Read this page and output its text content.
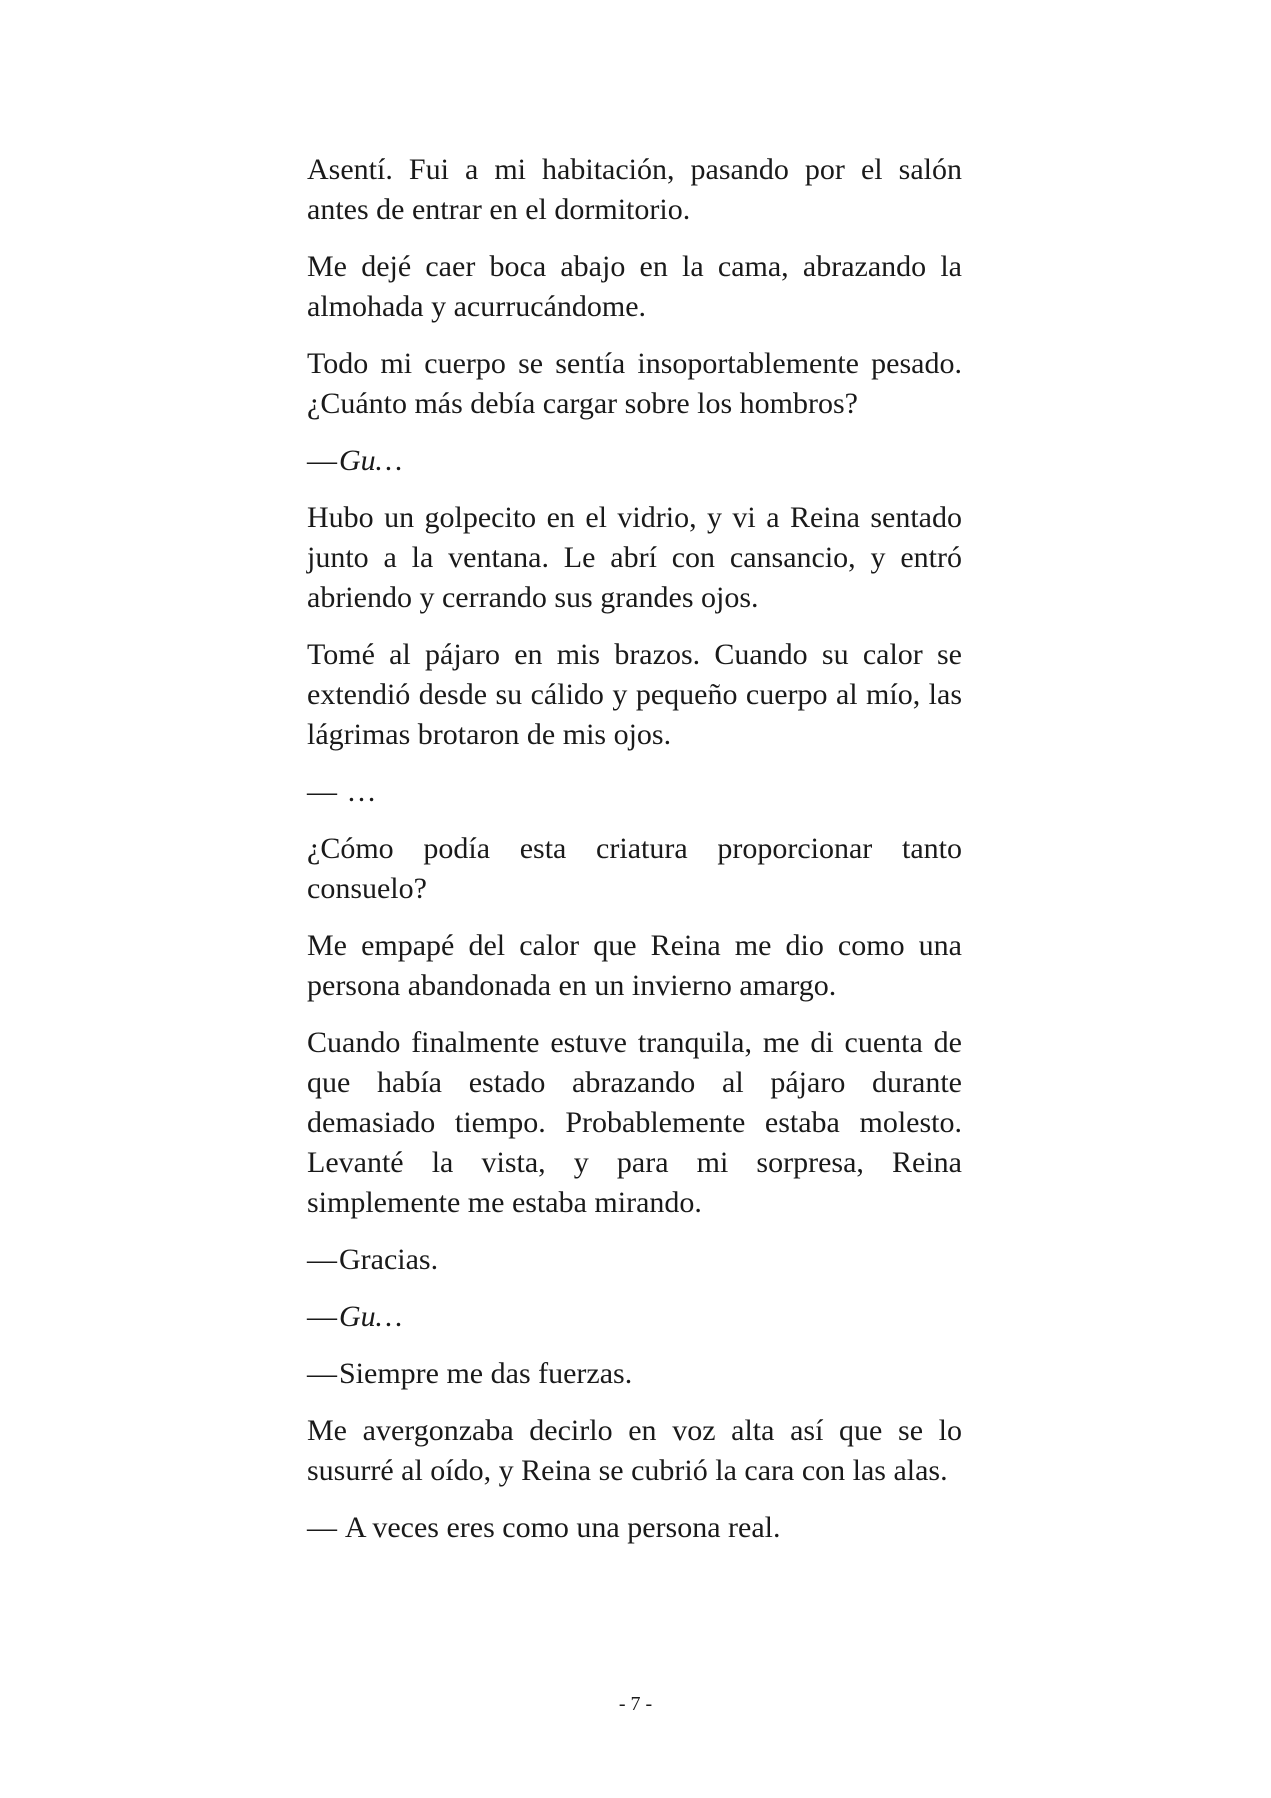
Asentí. Fui a mi habitación, pasando por el salón antes de entrar en el dormitorio.

Me dejé caer boca abajo en la cama, abrazando la almohada y acurrucándome.

Todo mi cuerpo se sentía insoportablemente pesado. ¿Cuánto más debía cargar sobre los hombros?

—Gu…

Hubo un golpecito en el vidrio, y vi a Reina sentado junto a la ventana. Le abrí con cansancio, y entró abriendo y cerrando sus grandes ojos.

Tomé al pájaro en mis brazos. Cuando su calor se extendió desde su cálido y pequeño cuerpo al mío, las lágrimas brotaron de mis ojos.

— …

¿Cómo podía esta criatura proporcionar tanto consuelo?

Me empapé del calor que Reina me dio como una persona abandonada en un invierno amargo.

Cuando finalmente estuve tranquila, me di cuenta de que había estado abrazando al pájaro durante demasiado tiempo. Probablemente estaba molesto. Levanté la vista, y para mi sorpresa, Reina simplemente me estaba mirando.

—Gracias.

—Gu…

—Siempre me das fuerzas.

Me avergonzaba decirlo en voz alta así que se lo susurré al oído, y Reina se cubrió la cara con las alas.

— A veces eres como una persona real.

- 7 -
